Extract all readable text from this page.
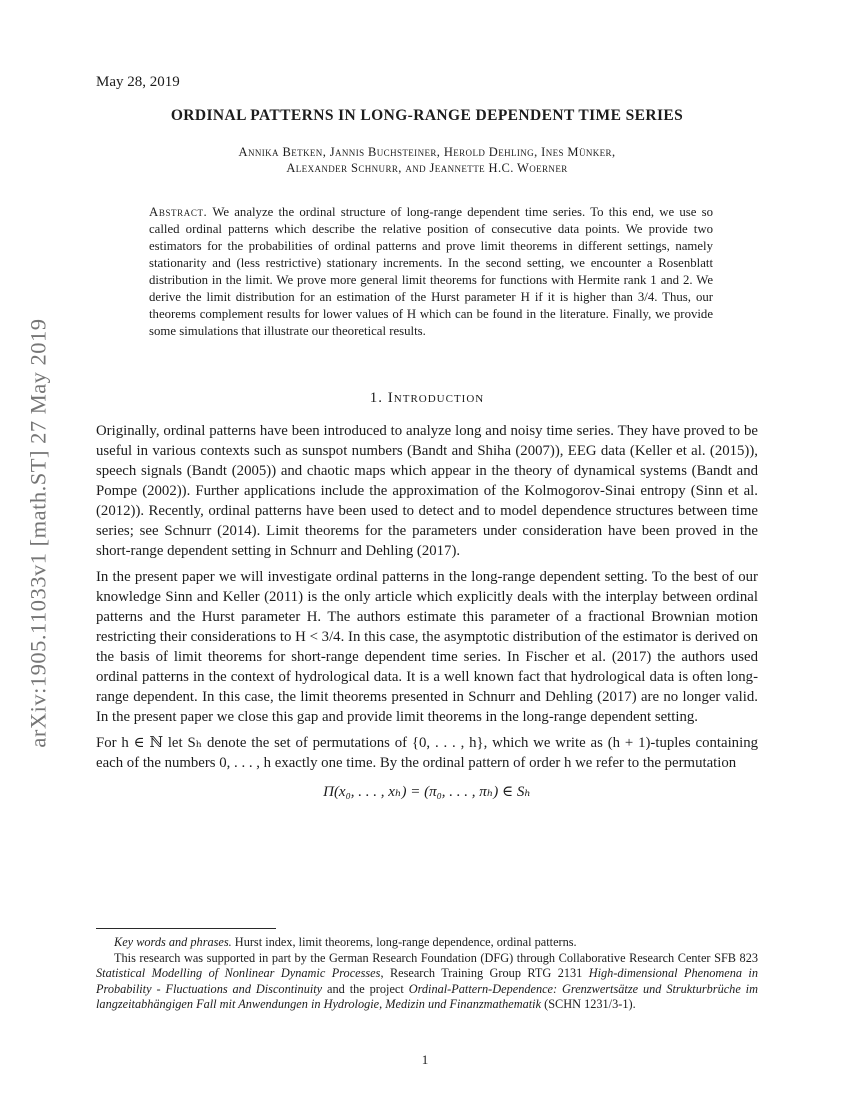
arXiv:1905.11033v1 [math.ST] 27 May 2019
May 28, 2019
ORDINAL PATTERNS IN LONG-RANGE DEPENDENT TIME SERIES
Annika Betken, Jannis Buchsteiner, Herold Dehling, Ines Münker,
Alexander Schnurr, and Jeannette H.C. Woerner
Abstract. We analyze the ordinal structure of long-range dependent time series. To this end, we use so called ordinal patterns which describe the relative position of consecutive data points. We provide two estimators for the probabilities of ordinal patterns and prove limit theorems in different settings, namely stationarity and (less restrictive) stationary increments. In the second setting, we encounter a Rosenblatt distribution in the limit. We prove more general limit theorems for functions with Hermite rank 1 and 2. We derive the limit distribution for an estimation of the Hurst parameter H if it is higher than 3/4. Thus, our theorems complement results for lower values of H which can be found in the literature. Finally, we provide some simulations that illustrate our theoretical results.
1. Introduction

Originally, ordinal patterns have been introduced to analyze long and noisy time series. They have proved to be useful in various contexts such as sunspot numbers (Bandt and Shiha (2007)), EEG data (Keller et al. (2015)), speech signals (Bandt (2005)) and chaotic maps which appear in the theory of dynamical systems (Bandt and Pompe (2002)). Further applications include the approximation of the Kolmogorov-Sinai entropy (Sinn et al. (2012)). Recently, ordinal patterns have been used to detect and to model dependence structures between time series; see Schnurr (2014). Limit theorems for the parameters under consideration have been proved in the short-range dependent setting in Schnurr and Dehling (2017).

In the present paper we will investigate ordinal patterns in the long-range dependent setting. To the best of our knowledge Sinn and Keller (2011) is the only article which explicitly deals with the interplay between ordinal patterns and the Hurst parameter H. The authors estimate this parameter of a fractional Brownian motion restricting their considerations to H < 3/4. In this case, the asymptotic distribution of the estimator is derived on the basis of limit theorems for short-range dependent time series. In Fischer et al. (2017) the authors used ordinal patterns in the context of hydrological data. It is a well known fact that hydrological data is often long-range dependent. In this case, the limit theorems presented in Schnurr and Dehling (2017) are no longer valid. In the present paper we close this gap and provide limit theorems in the long-range dependent setting.

For h ∈ ℕ let Sₕ denote the set of permutations of {0, . . . , h}, which we write as (h + 1)-tuples containing each of the numbers 0, . . . , h exactly one time. By the ordinal pattern of order h we refer to the permutation

Π(x₀, . . . , xₕ) = (π₀, . . . , πₕ) ∈ Sₕ

Key words and phrases. Hurst index, limit theorems, long-range dependence, ordinal patterns.

This research was supported in part by the German Research Foundation (DFG) through Collaborative Research Center SFB 823 Statistical Modelling of Nonlinear Dynamic Processes, Research Training Group RTG 2131 High-dimensional Phenomena in Probability - Fluctuations and Discontinuity and the project Ordinal-Pattern-Dependence: Grenzwertsätze und Strukturbrüche im langzeitabhängigen Fall mit Anwendungen in Hydrologie, Medizin und Finanzmathematik (SCHN 1231/3-1).

1
